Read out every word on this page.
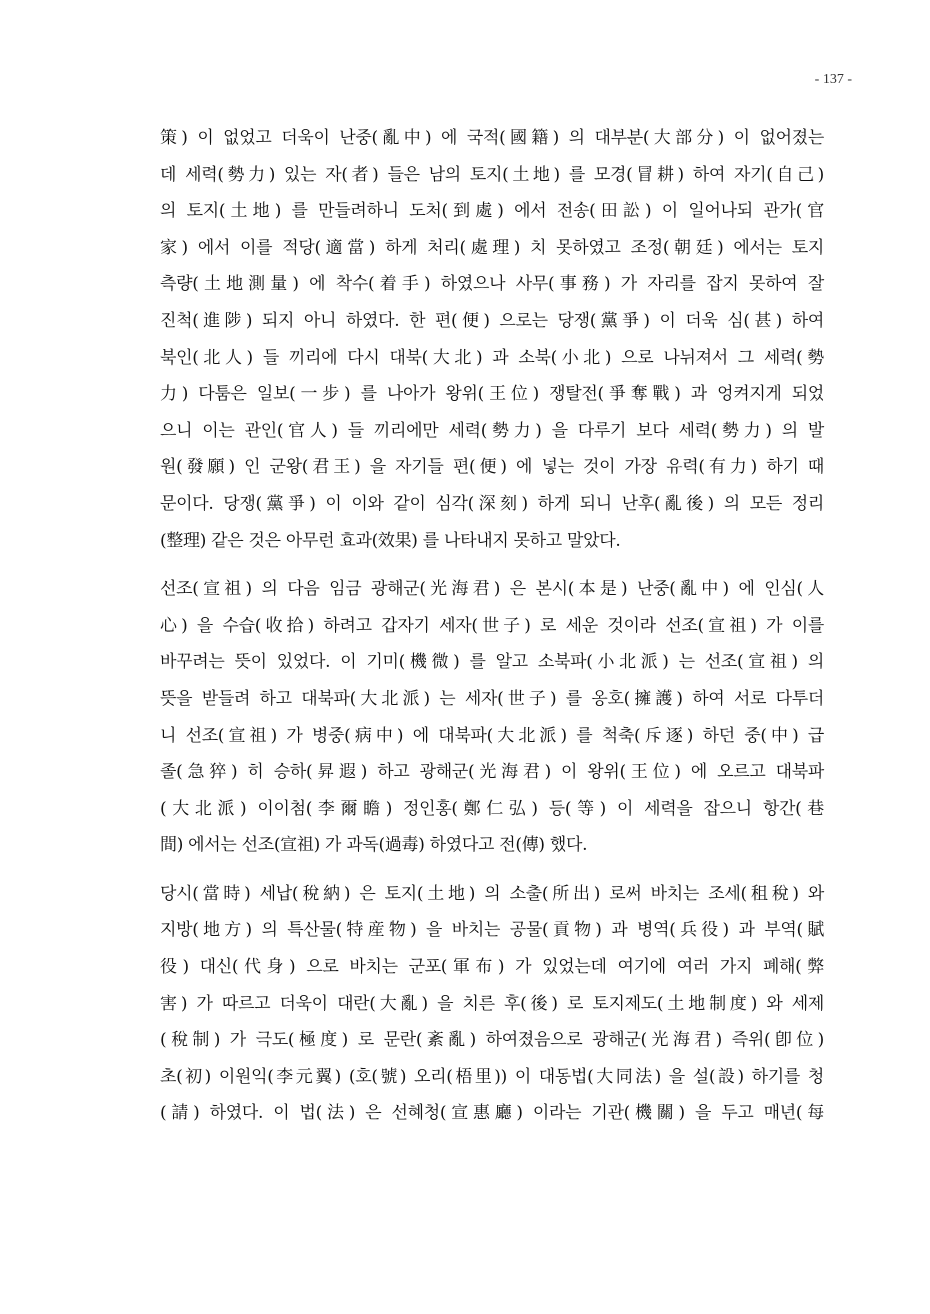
- 137 -
策) 이 없었고 더욱이 난중(亂中) 에 국적(國籍) 의 대부분(大部分) 이 없어졌는
데 세력(勢力) 있는 자(者) 들은 남의 토지(土地) 를 모경(冒耕) 하여 자기(自己)
의 토지(土地) 를 만들려하니 도처(到處) 에서 전송(田訟) 이 일어나되 관가(官
家) 에서 이를 적당(適當) 하게 처리(處理) 치 못하였고 조정(朝廷) 에서는 토지
측량(土地測量) 에 착수(着手) 하였으나 사무(事務) 가 자리를 잡지 못하여 잘
진척(進陟) 되지 아니 하였다. 한 편(便) 으로는 당쟁(黨爭) 이 더욱 심(甚) 하여
북인(北人) 들 끼리에 다시 대북(大北) 과 소북(小北) 으로 나뉘져서 그 세력(勢
力) 다툼은 일보(一步) 를 나아가 왕위(王位) 쟁탈전(爭奪戰) 과 엉켜지게 되었
으니 이는 관인(官人) 들 끼리에만 세력(勢力) 을 다루기 보다 세력(勢力) 의 발
원(發願) 인 군왕(君王) 을 자기들 편(便) 에 넣는 것이 가장 유력(有力) 하기 때
문이다. 당쟁(黨爭) 이 이와 같이 심각(深刻) 하게 되니 난후(亂後) 의 모든 정리
(整理) 같은 것은 아무런 효과(效果) 를 나타내지 못하고 말았다.
선조(宣祖) 의 다음 임금 광해군(光海君) 은 본시(本是) 난중(亂中) 에 인심(人
心) 을 수습(收拾) 하려고 갑자기 세자(世子) 로 세운 것이라 선조(宣祖) 가 이를
바꾸려는 뜻이 있었다. 이 기미(機微) 를 알고 소북파(小北派) 는 선조(宣祖) 의
뜻을 받들려 하고 대북파(大北派) 는 세자(世子) 를 옹호(擁護) 하여 서로 다투더
니 선조(宣祖) 가 병중(病中) 에 대북파(大北派) 를 척축(斥逐) 하던 중(中) 급
졸(急猝) 히 승하(昇遐) 하고 광해군(光海君) 이 왕위(王位) 에 오르고 대북파
(大北派) 이이첨(李爾瞻) 정인홍(鄭仁弘) 등(等) 이 세력을 잡으니 항간(巷
間) 에서는 선조(宣祖) 가 과독(過毒) 하였다고 전(傳) 했다.
당시(當時) 세납(稅納) 은 토지(土地) 의 소출(所出) 로써 바치는 조세(租稅) 와
지방(地方) 의 특산물(特産物) 을 바치는 공물(貢物) 과 병역(兵役) 과 부역(賦
役) 대신(代身) 으로 바치는 군포(軍布) 가 있었는데 여기에 여러 가지 폐해(弊
害) 가 따르고 더욱이 대란(大亂) 을 치른 후(後) 로 토지제도(土地制度) 와 세제
(稅制) 가 극도(極度) 로 문란(紊亂) 하여졌음으로 광해군(光海君) 즉위(卽位)
초(初) 이원익(李元翼) (호(號) 오리(梧里)) 이 대동법(大同法) 을 설(設) 하기를 청
(請) 하였다. 이 법(法) 은 선혜청(宣惠廳) 이라는 기관(機關) 을 두고 매년(每
